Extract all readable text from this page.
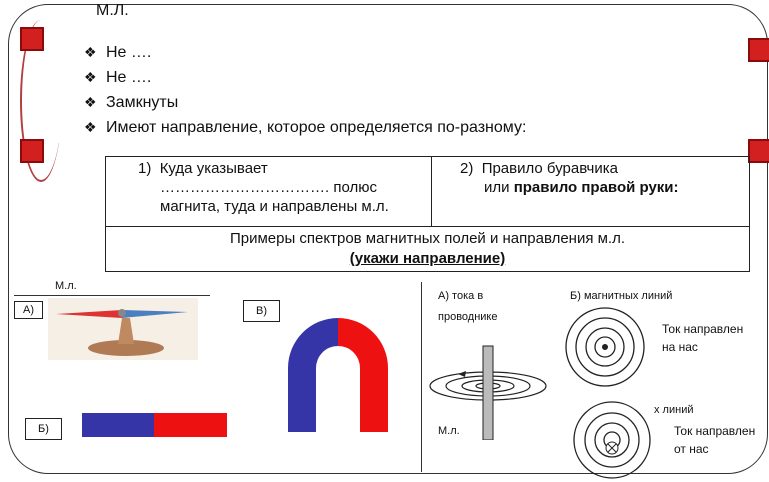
М.Л.
❖ Не ….
❖ Не ….
❖ Замкнуты
❖ Имеют направление, которое определяется по-разному:
1) Куда указывает
……………………………. полюс
магнита, туда и направлены м.л.

2) Правило буравчика
или правило правой руки:

Примеры спектров магнитных полей и направления м.л.
(укажи направление)
М.л.
А)	В)
Б)
А) тока в
проводнике
Б) магнитных линий
М.л.
Ток направлен
на нас
х линий
Ток направлен
от нас
